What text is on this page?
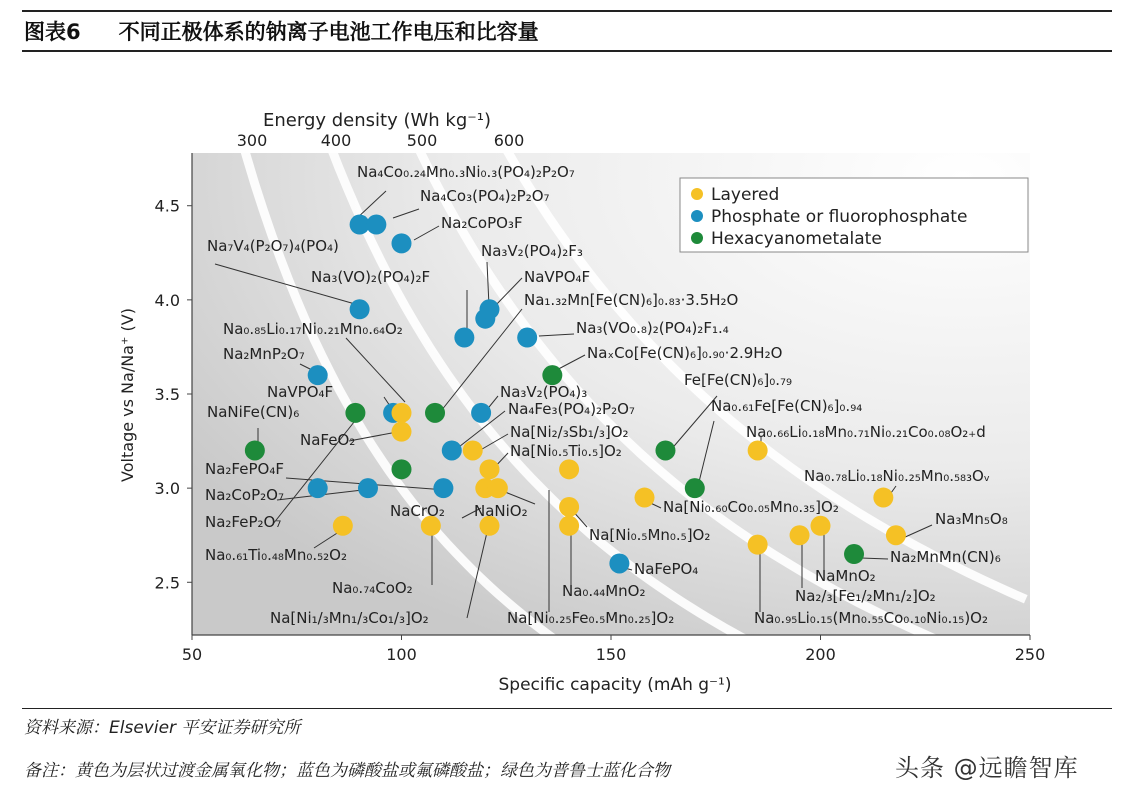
图表6 不同正极体系的钠离子电池工作电压和比容量
50	100	150	200	250
2.5
3.0
3.5
4.0
4.5
300	400	500	600
Na₄Co₀.₂₄Mn₀.₃Ni₀.₃(PO₄)₂P₂O₇
Na₄Co₃(PO₄)₂P₂O₇
Na₂CoPO₃F
Na₇V₄(P₂O₇)₄(PO₄)	Na₃V₂(PO₄)₂F₃
Na₃(VO)₂(PO₄)₂F	NaVPO₄F
Na₁.₃₂Mn[Fe(CN)₆]₀.₈₃·3.5H₂O
Na₀.₈₅Li₀.₁₇Ni₀.₂₁Mn₀.₆₄O₂	Na₃(VO₀.₈)₂(PO₄)₂F₁.₄
Na₂MnP₂O₇	NaₓCo[Fe(CN)₆]₀.₉₀·2.9H₂O
NaVPO₄F
Fe[Fe(CN)₆]₀.₇₉
Na₃V₂(PO₄)₃
NaNiFe(CN)₆	Na₄Fe₃(PO₄)₂P₂O₇	Na₀.₆₁Fe[Fe(CN)₆]₀.₉₄
NaFeO₂	Na[Ni₂/₃Sb₁/₃]O₂	Na₀.₆₆Li₀.₁₈Mn₀.₇₁Ni₀.₂₁Co₀.₀₈O₂₊d
Na[Ni₀.₅Ti₀.₅]O₂
Na₂FePO₄F	Na₀.₇₈Li₀.₁₈Ni₀.₂₅Mn₀.₅₈₃Oᵥ
Na₂CoP₂O₇
Na[Ni₀.₆₀Co₀.₀₅Mn₀.₃₅]O₂
NaCrO₂ NaNiO₂	Na₃Mn₅O₈
Na₂FeP₂O₇
Na[Ni₀.₅Mn₀.₅]O₂
Na₀.₆₁Ti₀.₄₈Mn₀.₅₂O₂	Na₂MnMn(CN)₆
NaFePO₄	NaMnO₂
Na₀.₇₄CoO₂	Na₀.₄₄MnO₂	Na₂/₃[Fe₁/₂Mn₁/₂]O₂
Na[Ni₁/₃Mn₁/₃Co₁/₃]O₂	Na[Ni₀.₂₅Fe₀.₅Mn₀.₂₅]O₂	Na₀.₉₅Li₀.₁₅(Mn₀.₅₅Co₀.₁₀Ni₀.₁₅)O₂
Energy density (Wh kg⁻¹)
Specific capacity (mAh g⁻¹)
Voltage vs Na/Na⁺ (V)
Layered
Phosphate or fluorophosphate
Hexacyanometalate
资料来源：Elsevier 平安证券研究所
备注：黄色为层状过渡金属氧化物；蓝色为磷酸盐或氟磷酸盐；绿色为普鲁士蓝化合物	头条 @远瞻智库
